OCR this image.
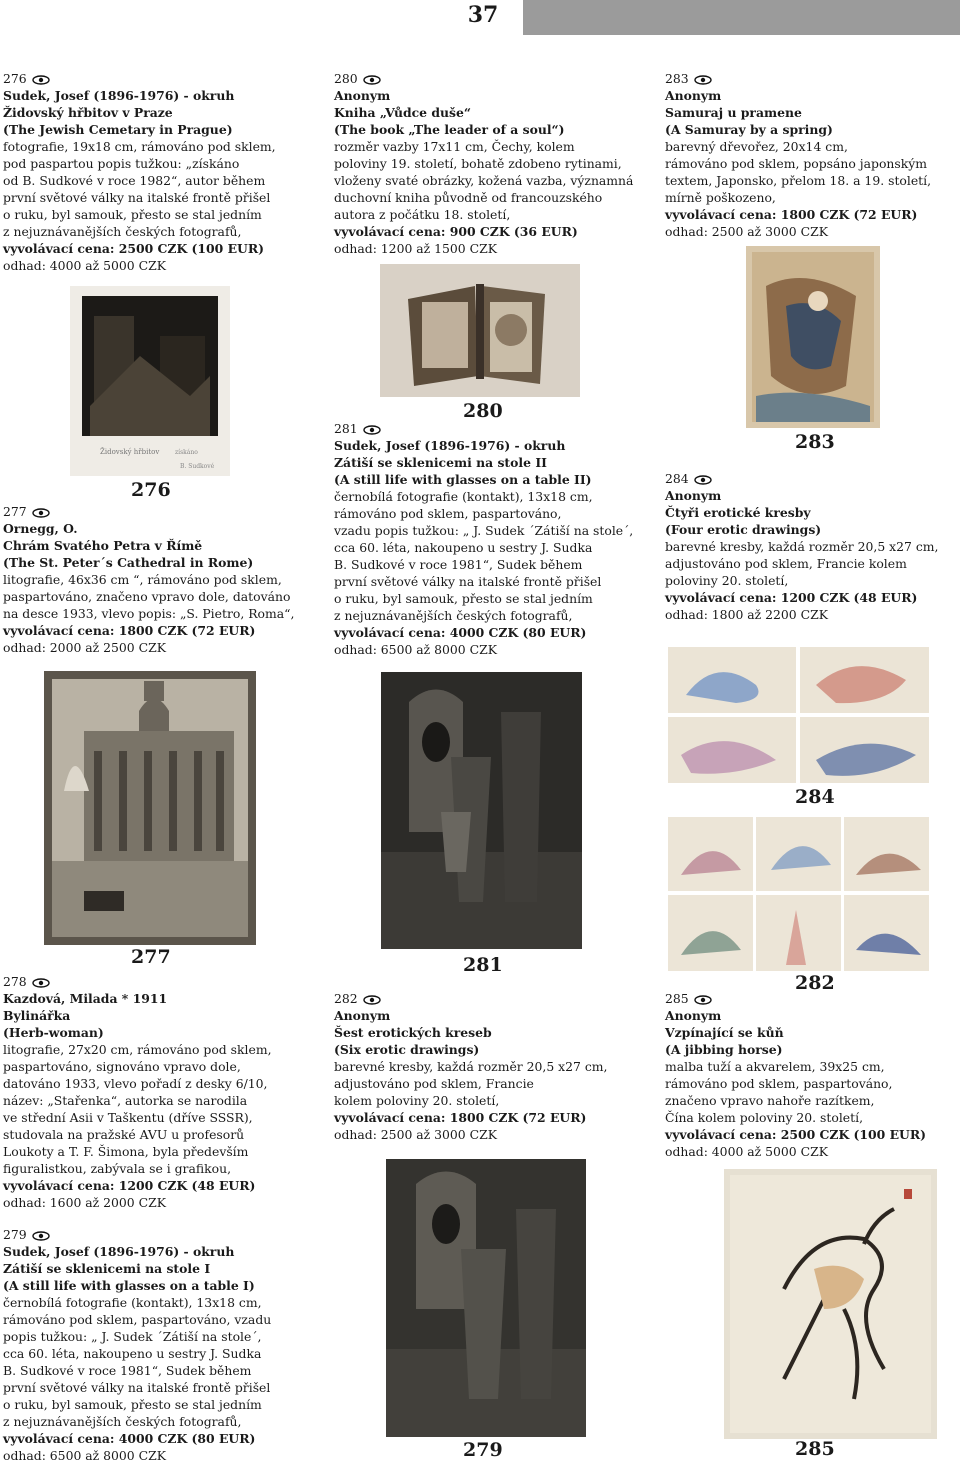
37
276
Sudek, Josef (1896-1976) - okruh
Židovský hřbitov v Praze
(The Jewish Cemetary in Prague)
fotografie, 19x18 cm, rámováno pod sklem,
pod paspartou popis tužkou: „získáno
od B. Sudkové v roce 1982“, autor během
první světové války na italské frontě přišel
o ruku, byl samouk, přesto se stal jedním
z nejuznávanějších českých fotografů,
vyvolávací cena: 2500 CZK (100 EUR)
odhad: 4000 až 5000 CZK
277
Ornegg, O.
Chrám Svatého Petra v Římě
(The St. Peter´s Cathedral in Rome)
litografie, 46x36 cm “, rámováno pod sklem,
paspartováno, značeno vpravo dole, datováno
na desce 1933, vlevo popis: „S. Pietro, Roma“,
vyvolávací cena: 1800 CZK (72 EUR)
odhad: 2000 až 2500 CZK
278
Kazdová, Milada * 1911
Bylinářka
(Herb-woman)
litografie, 27x20 cm, rámováno pod sklem,
paspartováno, signováno vpravo dole,
datováno 1933, vlevo pořadí z desky 6/10,
název: „Stařenka“, autorka se narodila
ve střední Asii v Taškentu (dříve SSSR),
studovala na pražské AVU u profesorů
Loukoty a T. F. Šimona, byla především
figuralistkou, zabývala se i grafikou,
vyvolávací cena: 1200 CZK (48 EUR)
odhad: 1600 až 2000 CZK
279
Sudek, Josef (1896-1976) - okruh
Zátiší se sklenicemi na stole I
(A still life with glasses on a table I)
černobílá fotografie (kontakt), 13x18 cm,
rámováno pod sklem, paspartováno, vzadu
popis tužkou: „ J. Sudek ´Zátiší na stole´,
cca 60. léta, nakoupeno u sestry J. Sudka
B. Sudkové v roce 1981“, Sudek během
první světové války na italské frontě přišel
o ruku, byl samouk, přesto se stal jedním
z nejuznávanějších českých fotografů,
vyvolávací cena: 4000 CZK (80 EUR)
odhad: 6500 až 8000 CZK
280
Anonym
Kniha „Vůdce duše“
(The book „The leader of a soul“)
rozměr vazby 17x11 cm, Čechy, kolem
poloviny 19. století, bohatě zdobeno rytinami,
vloženy svaté obrázky, kožená vazba, významná
duchovní kniha původně od francouzského
autora z počátku 18. století,
vyvolávací cena: 900 CZK (36 EUR)
odhad: 1200 až 1500 CZK
281
Sudek, Josef (1896-1976) - okruh
Zátiší se sklenicemi na stole II
(A still life with glasses on a table II)
černobílá fotografie (kontakt), 13x18 cm,
rámováno pod sklem, paspartováno,
vzadu popis tužkou: „ J. Sudek ´Zátiší na stole´,
cca 60. léta, nakoupeno u sestry J. Sudka
B. Sudkové v roce 1981“, Sudek během
první světové války na italské frontě přišel
o ruku, byl samouk, přesto se stal jedním
z nejuznávanějších českých fotografů,
vyvolávací cena: 4000 CZK (80 EUR)
odhad: 6500 až 8000 CZK
282
Anonym
Šest erotických kreseb
(Six erotic drawings)
barevné kresby, každá rozměr 20,5 x27 cm,
adjustováno pod sklem, Francie
kolem poloviny 20. století,
vyvolávací cena: 1800 CZK (72 EUR)
odhad: 2500 až 3000 CZK
283
Anonym
Samuraj u pramene
(A Samuray by a spring)
barevný dřevořez, 20x14 cm,
rámováno pod sklem, popsáno japonským
textem, Japonsko, přelom 18. a 19. století,
mírně poškozeno,
vyvolávací cena: 1800 CZK (72 EUR)
odhad: 2500 až 3000 CZK
284
Anonym
Čtyři erotické kresby
(Four erotic drawings)
barevné kresby, každá rozměr 20,5 x27 cm,
adjustováno pod sklem, Francie kolem
poloviny 20. století,
vyvolávací cena: 1200 CZK (48 EUR)
odhad: 1800 až 2200 CZK
285
Anonym
Vzpínající se kůň
(A jibbing horse)
malba tuží a akvarelem, 39x25 cm,
rámováno pod sklem, paspartováno,
značeno vpravo nahoře razítkem,
Čína kolem poloviny 20. století,
vyvolávací cena: 2500 CZK (100 EUR)
odhad: 4000 až 5000 CZK
Židovský hřbitov	získáno
B. Sudkové
276
280
283
284
277	281
282
279	285
